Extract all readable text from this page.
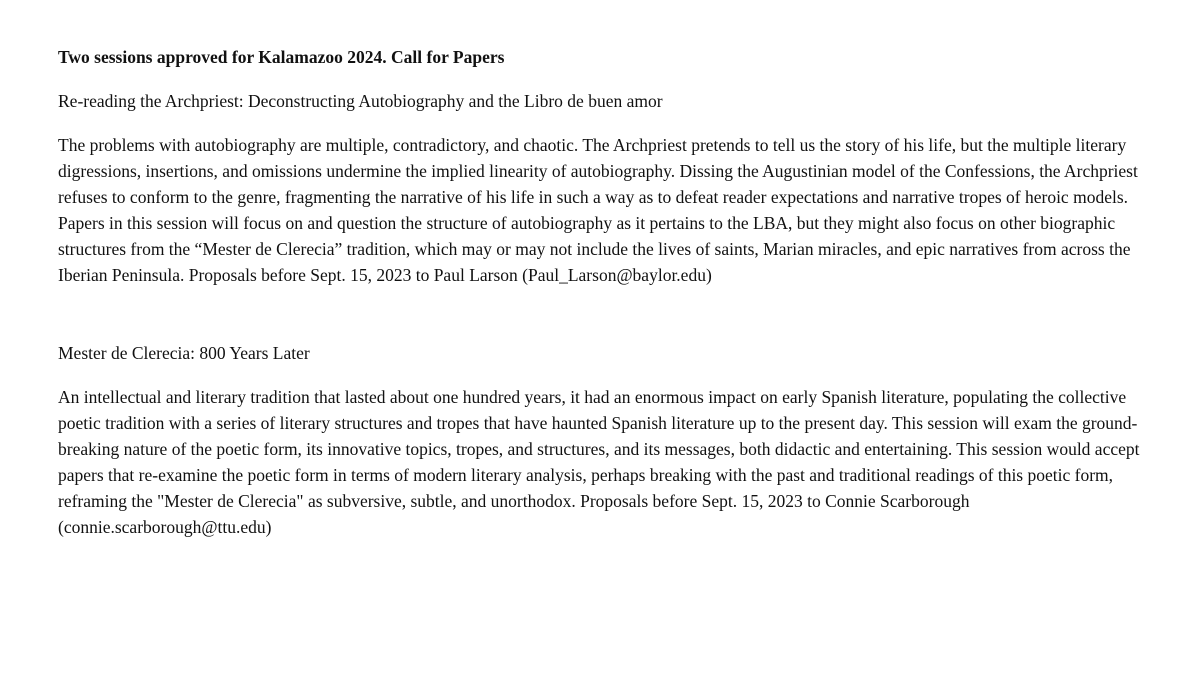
Two sessions approved for Kalamazoo 2024. Call for Papers

Re-reading the Archpriest: Deconstructing Autobiography and the Libro de buen amor

The problems with autobiography are multiple, contradictory, and chaotic. The Archpriest pretends to tell us the story of his life, but the multiple literary digressions, insertions, and omissions undermine the implied linearity of autobiography. Dissing the Augustinian model of the Confessions, the Archpriest refuses to conform to the genre, fragmenting the narrative of his life in such a way as to defeat reader expectations and narrative tropes of heroic models. Papers in this session will focus on and question the structure of autobiography as it pertains to the LBA, but they might also focus on other biographic structures from the “Mester de Clerecia” tradition, which may or may not include the lives of saints, Marian miracles, and epic narratives from across the Iberian Peninsula. Proposals before Sept. 15, 2023 to Paul Larson (Paul_Larson@baylor.edu)

Mester de Clerecia: 800 Years Later

An intellectual and literary tradition that lasted about one hundred years, it had an enormous impact on early Spanish literature, populating the collective poetic tradition with a series of literary structures and tropes that have haunted Spanish literature up to the present day. This session will exam the ground-breaking nature of the poetic form, its innovative topics, tropes, and structures, and its messages, both didactic and entertaining. This session would accept papers that re-examine the poetic form in terms of modern literary analysis, perhaps breaking with the past and traditional readings of this poetic form, reframing the "Mester de Clerecia" as subversive, subtle, and unorthodox. Proposals before Sept. 15, 2023 to Connie Scarborough (connie.scarborough@ttu.edu)
